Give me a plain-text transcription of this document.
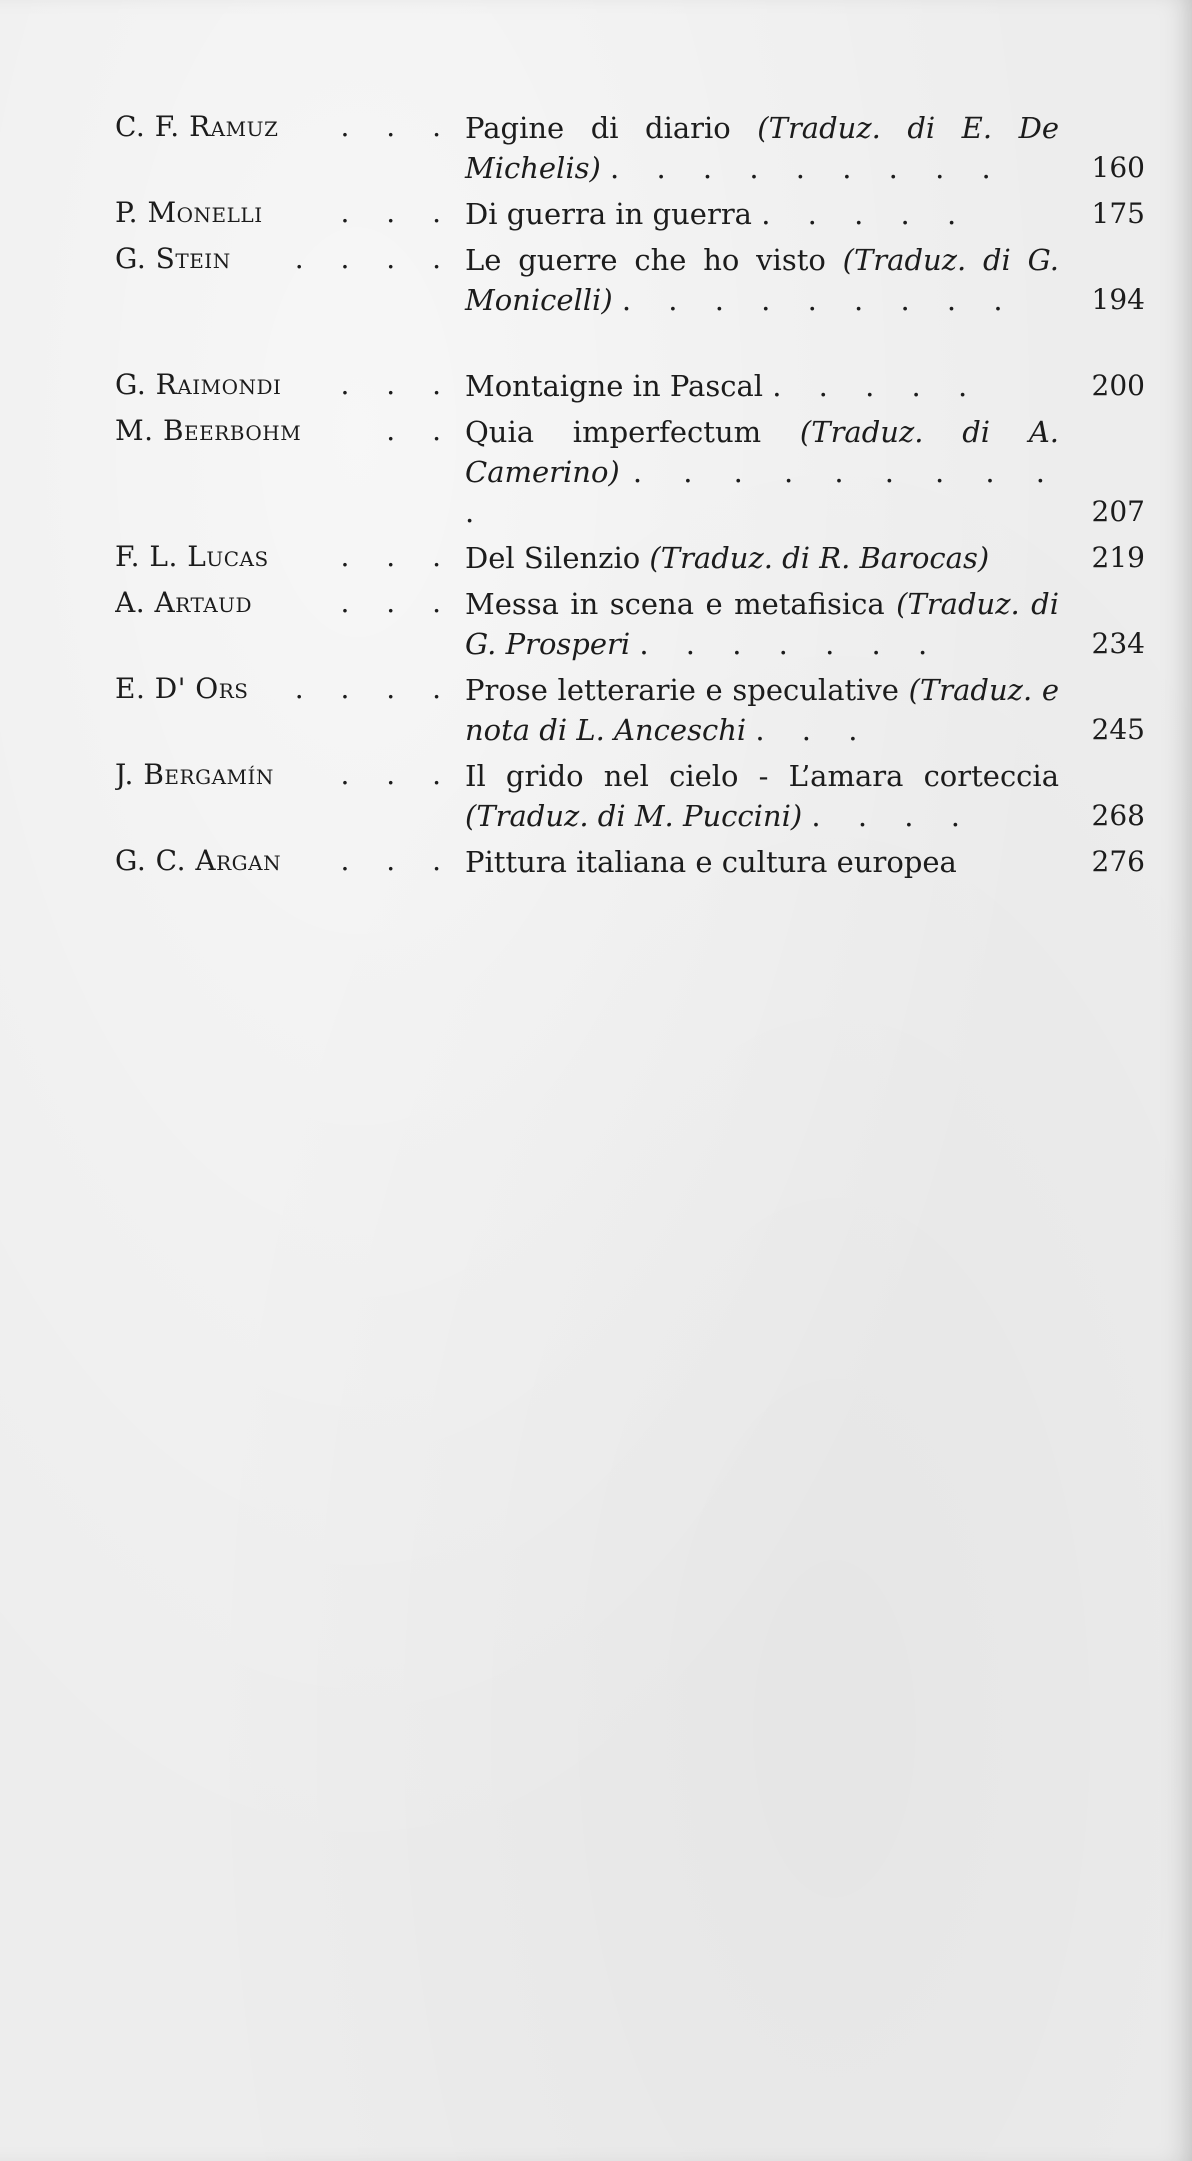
C. F. Ramuz . . . Pagine di diario (Traduz. di E. De Michelis) . . . . . . . . .	160
P. Monelli	. . . Di guerra in guerra . . . . .	175
G. Stein . . . . Le guerre che ho visto (Traduz. di G. Monicelli) . . . . . . . . .	194
G. Raimondi . . . Montaigne in Pascal . . . . .	200
M. Beerbohm	. . Quia imperfectum (Traduz. di A. Camerino) . . . . . . . . . .	207
F. L. Lucas	. . . Del Silenzio (Traduz. di R. Barocas)	219
A. Artaud	. . . Messa in scena e metafisica (Traduz. di G. Prosperi . . . . . . .	234
E. D' Ors . . . . Prose letterarie e speculative (Traduz. e nota di L. Anceschi . . .	245
J. Bergamín . . . Il grido nel cielo - L’amara corteccia (Traduz. di M. Puccini) . . . .	268
G. C. Argan . . . Pittura italiana e cultura europea	276
